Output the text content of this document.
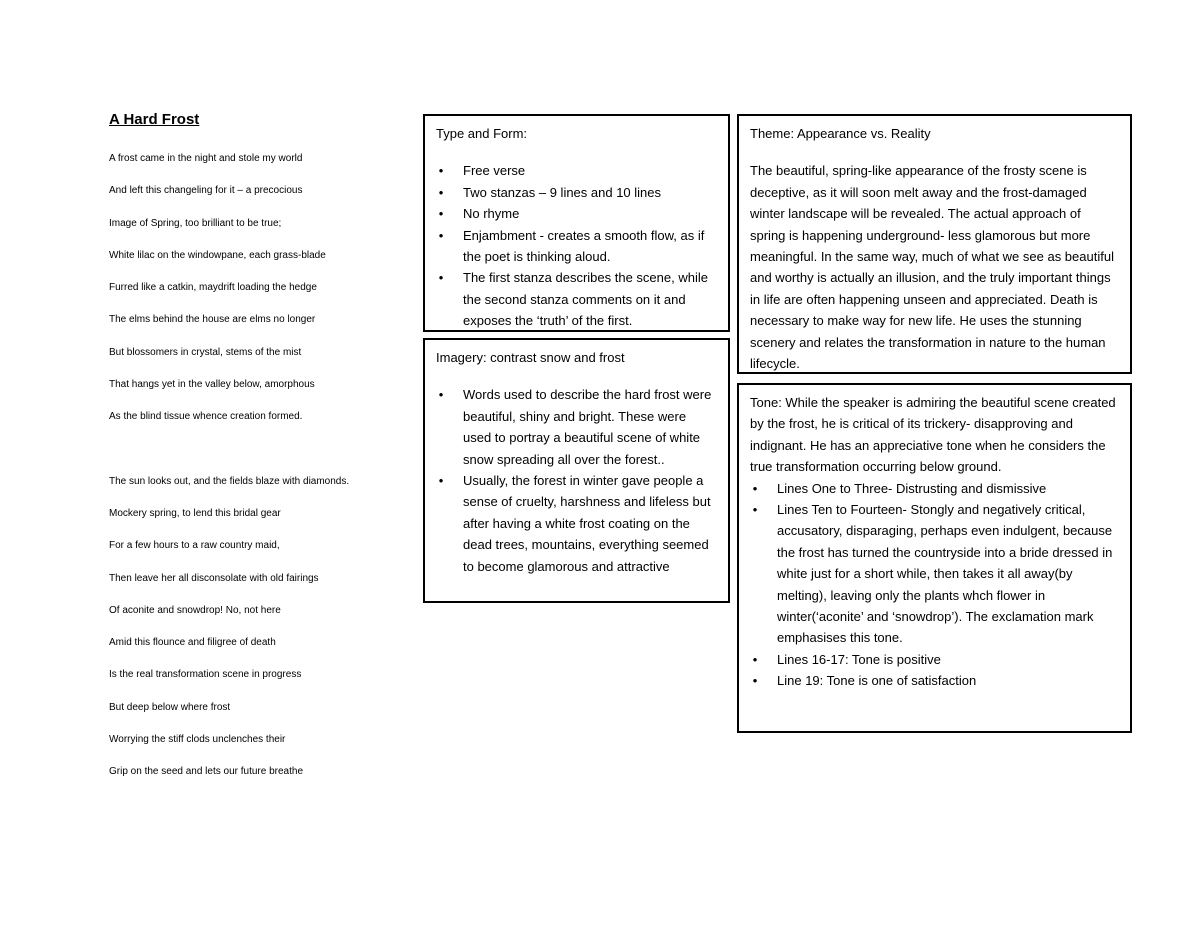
A Hard Frost
A frost came in the night and stole my world
And left this changeling for it – a precocious
Image of Spring, too brilliant to be true;
White lilac on the windowpane, each grass-blade
Furred like a catkin, maydrift loading the hedge
The elms behind the house are elms no longer
But blossomers in crystal, stems of the mist
That hangs yet in the valley below, amorphous
As the blind tissue whence creation formed.
The sun looks out, and the fields blaze with diamonds.
Mockery spring, to lend this bridal gear
For a few hours to a raw country maid,
Then leave her all disconsolate with old fairings
Of aconite and snowdrop! No, not here
Amid this flounce and filigree of death
Is the real transformation scene in progress
But deep below where frost
Worrying the stiff clods unclenches their
Grip on the seed and lets our future breathe

Type and Form:

• Free verse
• Two stanzas – 9 lines and 10 lines
• No rhyme
• Enjambment - creates a smooth flow, as if the poet is thinking aloud.
• The first stanza describes the scene, while the second stanza comments on it and exposes the ‘truth’ of the first.

Imagery: contrast snow and frost

• Words used to describe the hard frost were beautiful, shiny and bright. These were used to portray a beautiful scene of white snow spreading all over the forest..
• Usually, the forest in winter gave people a sense of cruelty, harshness and lifeless but after having a white frost coating on the dead trees, mountains, everything seemed to become glamorous and attractive

Theme: Appearance vs. Reality

The beautiful, spring-like appearance of the frosty scene is deceptive, as it will soon melt away and the frost-damaged winter landscape will be revealed. The actual approach of spring is happening underground- less glamorous but more meaningful. In the same way, much of what we see as beautiful and worthy is actually an illusion, and the truly important things in life are often happening unseen and appreciated. Death is necessary to make way for new life. He uses the stunning scenery and relates the transformation in nature to the human lifecycle.

Tone: While the speaker is admiring the beautiful scene created by the frost, he is critical of its trickery- disapproving and indignant. He has an appreciative tone when he considers the true transformation occurring below ground.

• Lines One to Three- Distrusting and dismissive
• Lines Ten to Fourteen- Stongly and negatively critical, accusatory, disparaging, perhaps even indulgent, because the frost has turned the countryside into a bride dressed in white just for a short while, then takes it all away(by melting), leaving only the plants whch flower in winter(‘aconite’ and ‘snowdrop’). The exclamation mark emphasises this tone.
• Lines 16-17: Tone is positive
• Line 19: Tone is one of satisfaction
